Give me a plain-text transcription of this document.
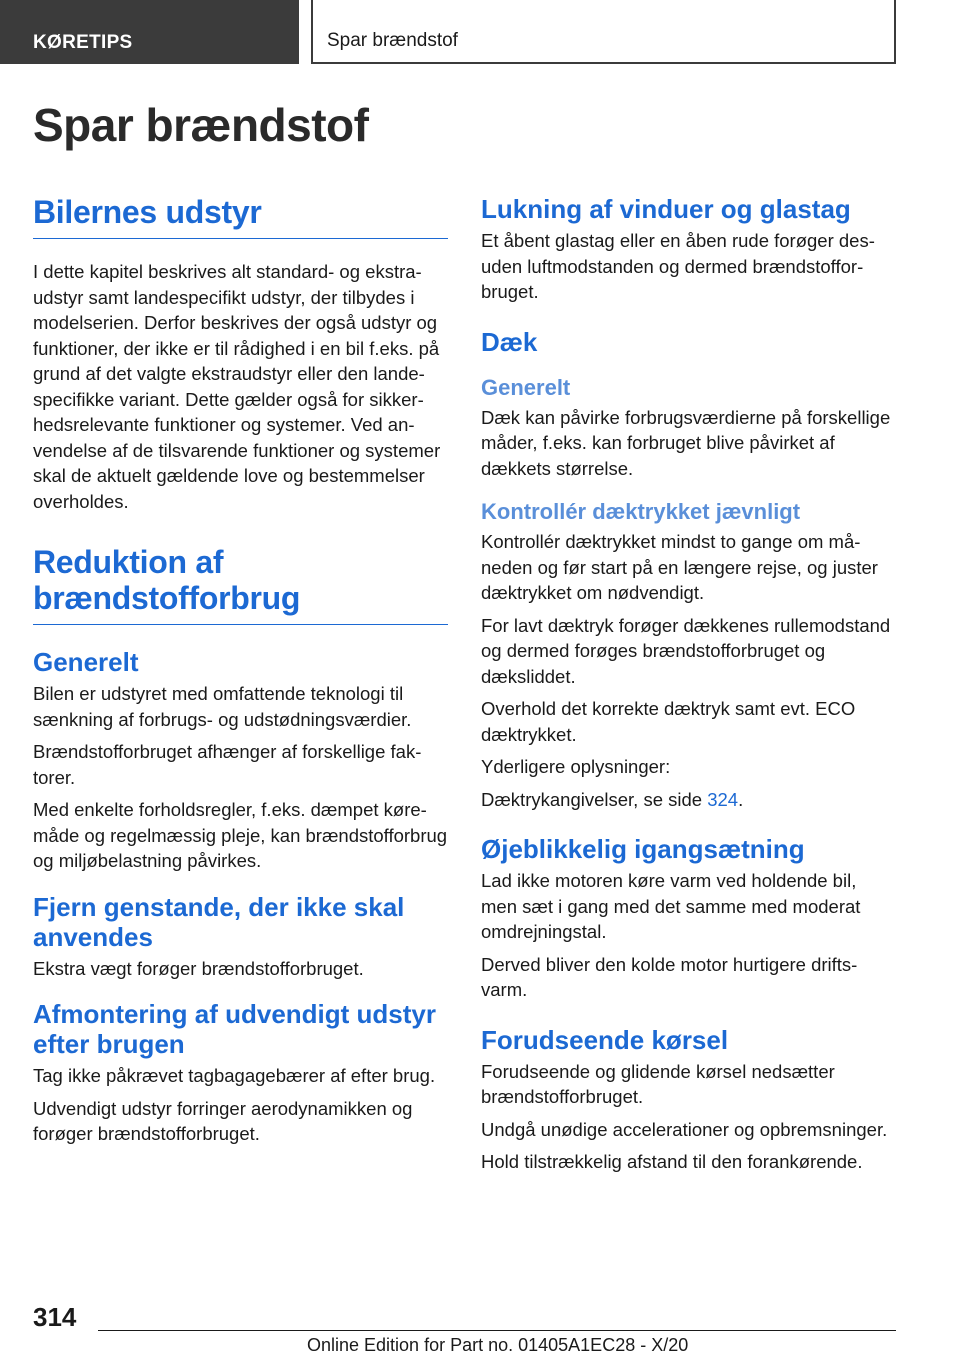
KØRETIPS	Spar brændstof
Spar brændstof
Bilernes udstyr

I dette kapitel beskrives alt standard- og ekstraudstyr samt landespecifikt udstyr, der tilbydes i modelserien. Derfor beskrives der også udstyr og funktioner, der ikke er til rådighed i en bil f.eks. på grund af det valgte ekstraudstyr eller den landespecifikke variant. Dette gælder også for sikkerhedsrelevante funktioner og systemer. Ved anvendelse af de tilsvarende funktioner og systemer skal de aktuelt gældende love og bestemmelser overholdes.

Reduktion af brændstofforbrug
Generelt

Bilen er udstyret med omfattende teknologi til sænkning af forbrugs- og udstødningsværdier.

Brændstofforbruget afhænger af forskellige faktorer.

Med enkelte forholdsregler, f.eks. dæmpet køremåde og regelmæssig pleje, kan brændstofforbrug og miljøbelastning påvirkes.

Fjern genstande, der ikke skal anvendes

Ekstra vægt forøger brændstofforbruget.

Afmontering af udvendigt udstyr efter brugen

Tag ikke påkrævet tagbagagebærer af efter brug.

Udvendigt udstyr forringer aerodynamikken og forøger brændstofforbruget.

Lukning af vinduer og glastag

Et åbent glastag eller en åben rude forøger desuden luftmodstanden og dermed brændstofforbruget.

Dæk
Generelt

Dæk kan påvirke forbrugsværdierne på forskellige måder, f.eks. kan forbruget blive påvirket af dækkets størrelse.

Kontrollér dæktrykket jævnligt

Kontrollér dæktrykket mindst to gange om måneden og før start på en længere rejse, og juster dæktrykket om nødvendigt.

For lavt dæktryk forøger dækkenes rullemodstand og dermed forøges brændstofforbruget og dæksliddet.

Overhold det korrekte dæktryk samt evt. ECO dæktrykket.

Yderligere oplysninger:

Dæktrykangivelser, se side 324.

Øjeblikkelig igangsætning

Lad ikke motoren køre varm ved holdende bil, men sæt i gang med det samme med moderat omdrejningstal.

Derved bliver den kolde motor hurtigere driftsvarm.

Forudseende kørsel

Forudseende og glidende kørsel nedsætter brændstofforbruget.

Undgå unødige accelerationer og opbremsninger.

Hold tilstrækkelig afstand til den forankørende.

314
Online Edition for Part no. 01405A1EC28 - X/20
